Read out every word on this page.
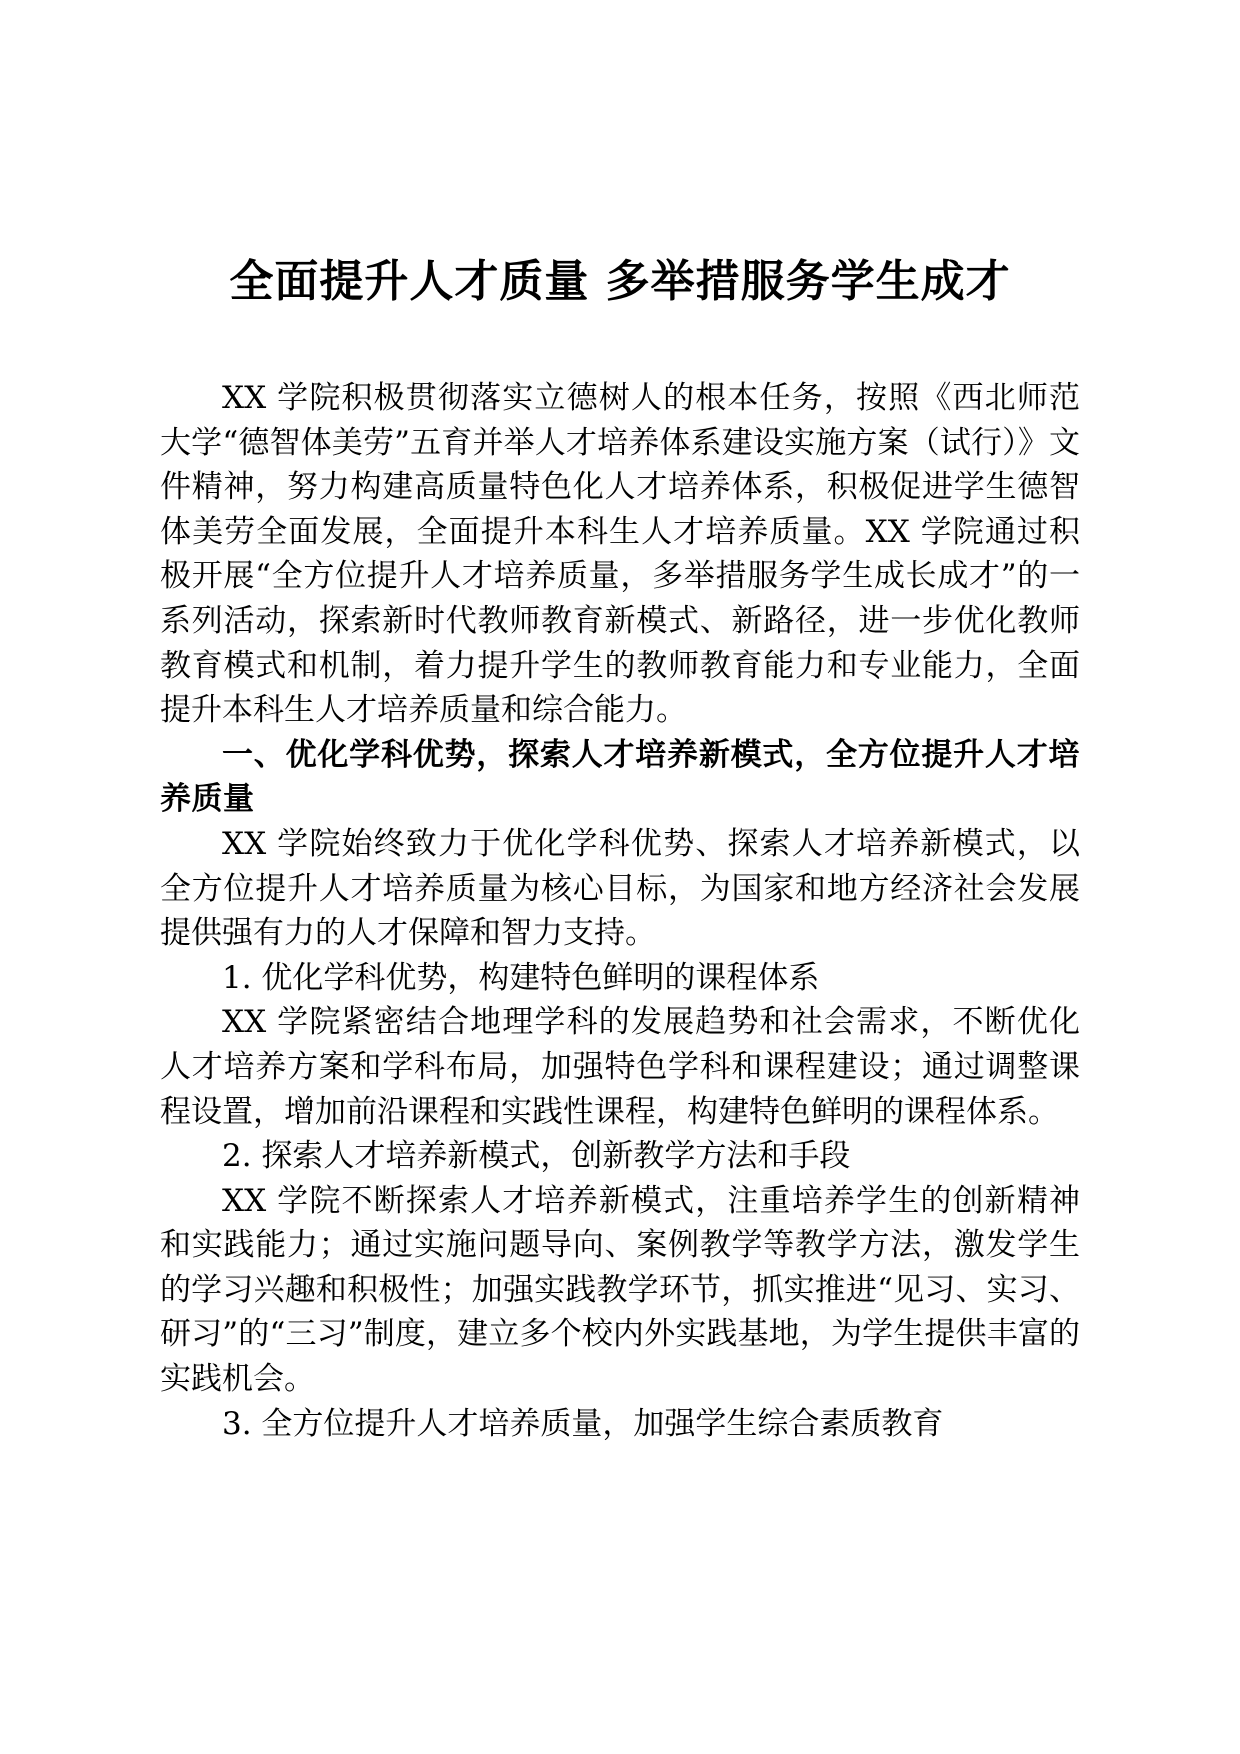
全面提升人才质量 多举措服务学生成才

XX 学院积极贯彻落实立德树人的根本任务，按照《西北师范大学“德智体美劳”五育并举人才培养体系建设实施方案（试行）》文件精神，努力构建高质量特色化人才培养体系，积极促进学生德智体美劳全面发展，全面提升本科生人才培养质量。XX 学院通过积极开展“全方位提升人才培养质量，多举措服务学生成长成才”的一系列活动，探索新时代教师教育新模式、新路径，进一步优化教师教育模式和机制，着力提升学生的教师教育能力和专业能力，全面提升本科生人才培养质量和综合能力。

一、优化学科优势，探索人才培养新模式，全方位提升人才培养质量

XX 学院始终致力于优化学科优势、探索人才培养新模式，以全方位提升人才培养质量为核心目标，为国家和地方经济社会发展提供强有力的人才保障和智力支持。

1. 优化学科优势，构建特色鲜明的课程体系

XX 学院紧密结合地理学科的发展趋势和社会需求，不断优化人才培养方案和学科布局，加强特色学科和课程建设；通过调整课程设置，增加前沿课程和实践性课程，构建特色鲜明的课程体系。

2. 探索人才培养新模式，创新教学方法和手段

XX 学院不断探索人才培养新模式，注重培养学生的创新精神和实践能力；通过实施问题导向、案例教学等教学方法，激发学生的学习兴趣和积极性；加强实践教学环节，抓实推进“见习、实习、研习”的“三习”制度，建立多个校内外实践基地，为学生提供丰富的实践机会。

3. 全方位提升人才培养质量，加强学生综合素质教育
